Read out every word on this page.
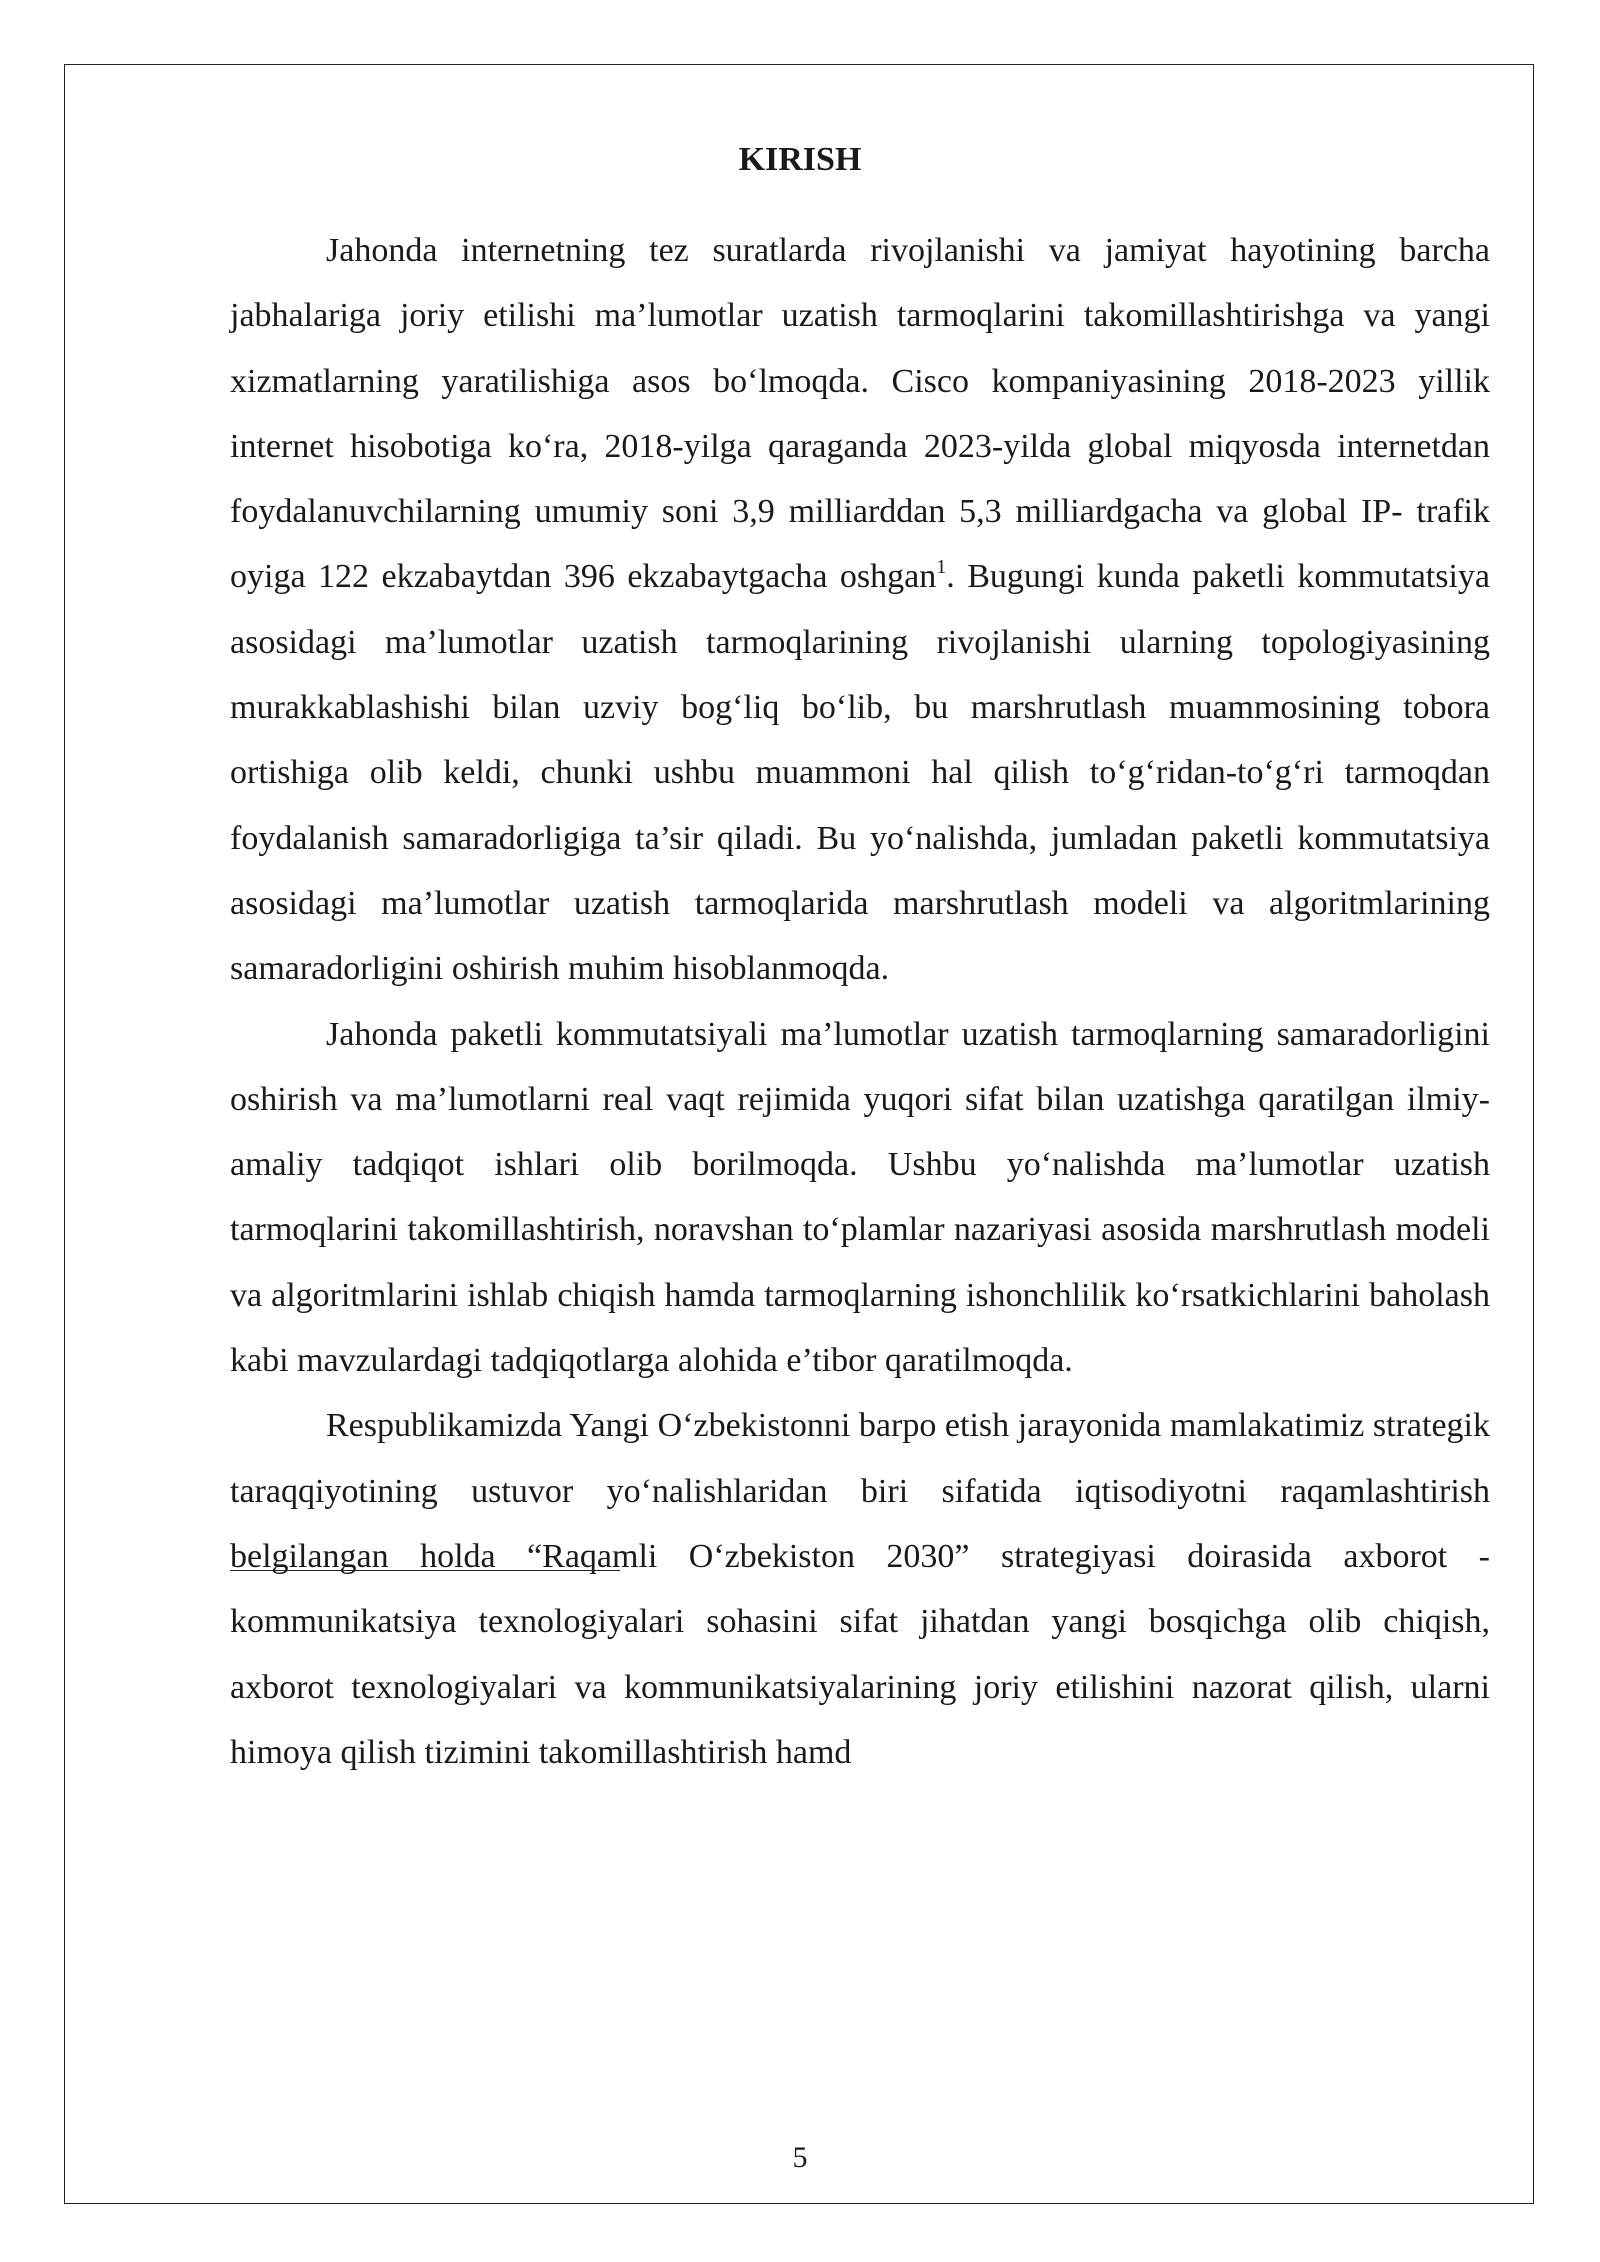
KIRISH

Jahonda internetning tez suratlarda rivojlanishi va jamiyat hayotining barcha jabhalariga joriy etilishi ma’lumotlar uzatish tarmoqlarini takomillashtirishga va yangi xizmatlarning yaratilishiga asos bo‘lmoqda. Cisco kompaniyasining 2018-2023 yillik internet hisobotiga ko‘ra, 2018-yilga qaraganda 2023-yilda global miqyosda internetdan foydalanuvchilarning umumiy soni 3,9 milliarddan 5,3 milliardgacha va global IP- trafik oyiga 122 ekzabaytdan 396 ekzabaytgacha oshgan$^1$. Bugungi kunda paketli kommutatsiya asosidagi ma’lumotlar uzatish tarmoqlarining rivojlanishi ularning topologiyasining murakkablashishi bilan uzviy bog‘liq bo‘lib, bu marshrutlash muammosining tobora ortishiga olib keldi, chunki ushbu muammoni hal qilish to‘g‘ridan-to‘g‘ri tarmoqdan foydalanish samaradorligiga ta’sir qiladi. Bu yo‘nalishda, jumladan paketli kommutatsiya asosidagi ma’lumotlar uzatish tarmoqlarida marshrutlash modeli va algoritmlarining samaradorligini oshirish muhim hisoblanmoqda.

Jahonda paketli kommutatsiyali ma’lumotlar uzatish tarmoqlarning samaradorligini oshirish va ma’lumotlarni real vaqt rejimida yuqori sifat bilan uzatishga qaratilgan ilmiy-amaliy tadqiqot ishlari olib borilmoqda. Ushbu yo‘nalishda ma’lumotlar uzatish tarmoqlarini takomillashtirish, noravshan to‘plamlar nazariyasi asosida marshrutlash modeli va algoritmlarini ishlab chiqish hamda tarmoqlarning ishonchlilik ko‘rsatkichlarini baholash kabi mavzulardagi tadqiqotlarga alohida e’tibor qaratilmoqda.

Respublikamizda Yangi O‘zbekistonni barpo etish jarayonida mamlakatimiz strategik taraqqiyotining ustuvor yo‘nalishlaridan biri sifatida iqtisodiyotni raqamlashtirish belgilangan holda “Raqamli O‘zbekiston 2030” strategiyasi doirasida axborot - kommunikatsiya texnologiyalari sohasini sifat jihatdan yangi bosqichga olib chiqish, axborot texnologiyalari va kommunikatsiyalarining joriy etilishini nazorat qilish, ularni himoya qilish tizimini takomillashtirish hamd

5
